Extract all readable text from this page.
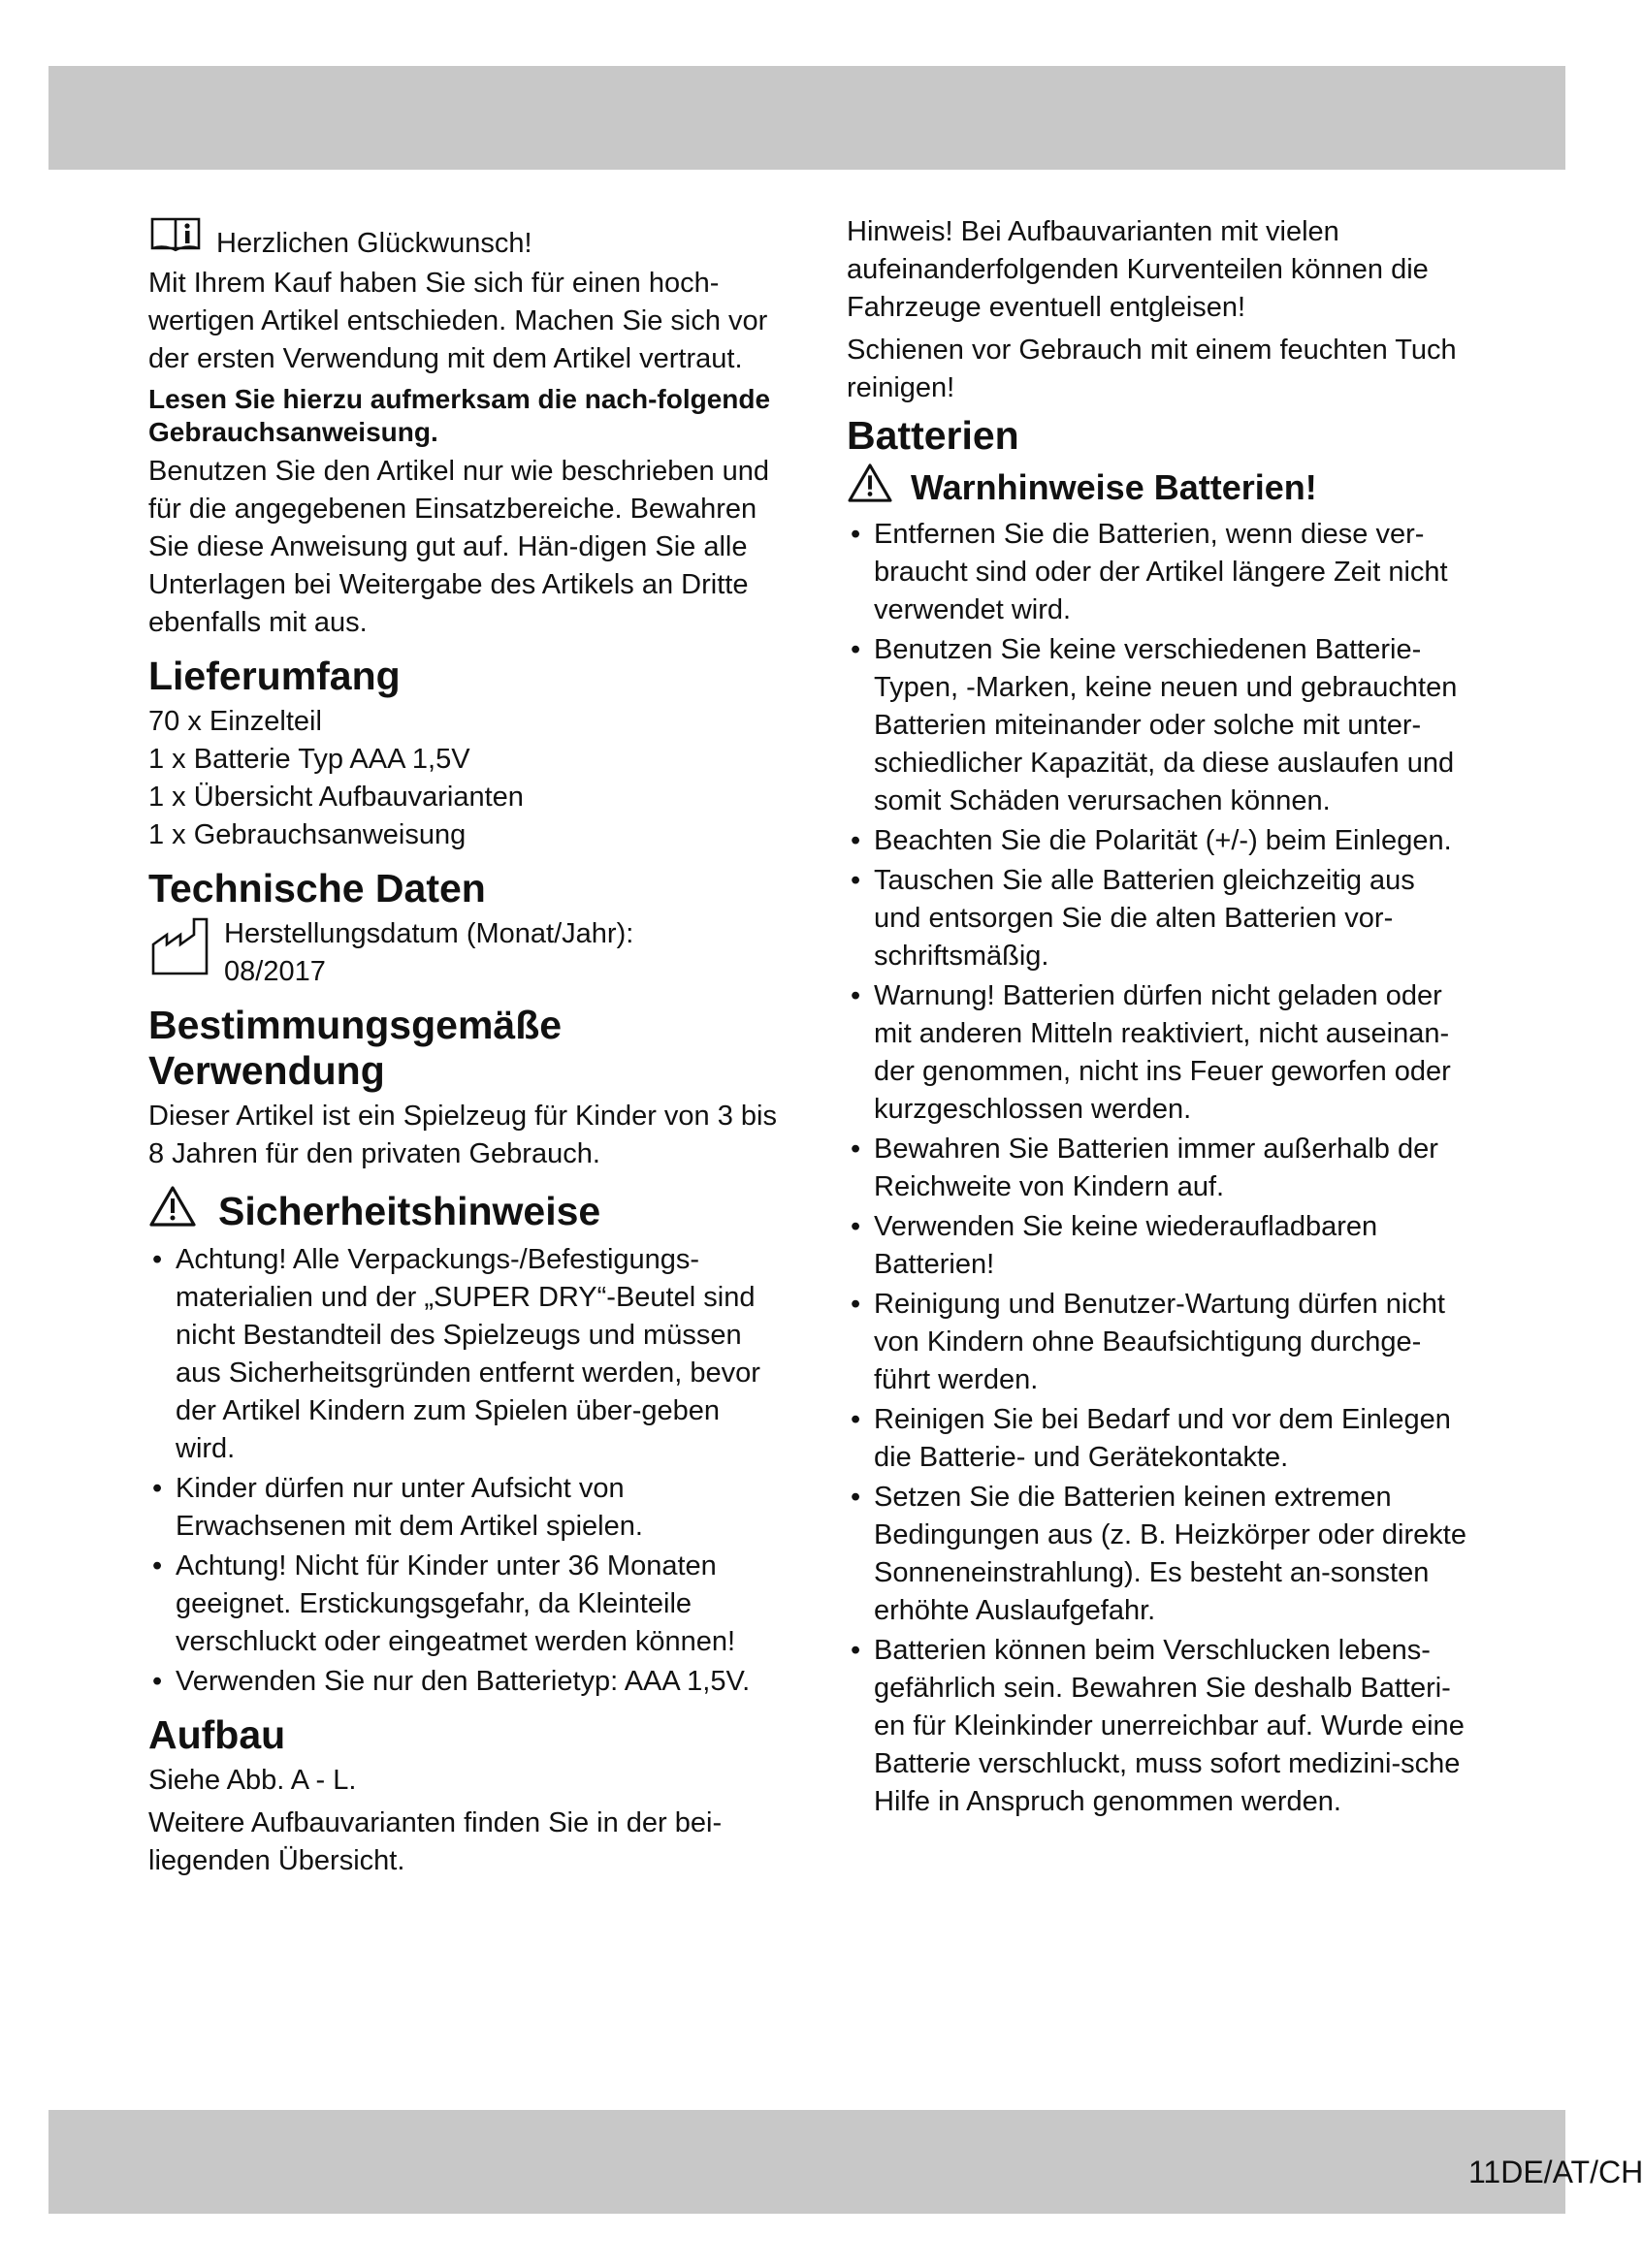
Herzlichen Glückwunsch!

Mit Ihrem Kauf haben Sie sich für einen hoch-wertigen Artikel entschieden. Machen Sie sich vor der ersten Verwendung mit dem Artikel vertraut.

Lesen Sie hierzu aufmerksam die nach-folgende Gebrauchsanweisung.

Benutzen Sie den Artikel nur wie beschrieben und für die angegebenen Einsatzbereiche. Bewahren Sie diese Anweisung gut auf. Hän-digen Sie alle Unterlagen bei Weitergabe des Artikels an Dritte ebenfalls mit aus.

Lieferumfang
70 x Einzelteil
1 x Batterie Typ AAA 1,5V
1 x Übersicht Aufbauvarianten
1 x Gebrauchsanweisung
Technische Daten
Herstellungsdatum (Monat/Jahr):
08/2017
Bestimmungsgemäße Verwendung

Dieser Artikel ist ein Spielzeug für Kinder von 3 bis 8 Jahren für den privaten Gebrauch.

Sicherheitshinweise
• Achtung! Alle Verpackungs-/Befestigungs-materialien und der „SUPER DRY“-Beutel sind nicht Bestandteil des Spielzeugs und müssen aus Sicherheitsgründen entfernt werden, bevor der Artikel Kindern zum Spielen über-geben wird.
• Kinder dürfen nur unter Aufsicht von Erwachsenen mit dem Artikel spielen.
• Achtung! Nicht für Kinder unter 36 Monaten geeignet. Erstickungsgefahr, da Kleinteile verschluckt oder eingeatmet werden können!
• Verwenden Sie nur den Batterietyp: AAA 1,5V.
Aufbau

Siehe Abb. A - L.

Weitere Aufbauvarianten finden Sie in der bei-liegenden Übersicht.

Hinweis! Bei Aufbauvarianten mit vielen aufeinanderfolgenden Kurventeilen können die Fahrzeuge eventuell entgleisen!

Schienen vor Gebrauch mit einem feuchten Tuch reinigen!

Batterien
Warnhinweise Batterien!
• Entfernen Sie die Batterien, wenn diese ver-braucht sind oder der Artikel längere Zeit nicht verwendet wird.
• Benutzen Sie keine verschiedenen Batterie-Typen, -Marken, keine neuen und gebrauchten Batterien miteinander oder solche mit unter-schiedlicher Kapazität, da diese auslaufen und somit Schäden verursachen können.
• Beachten Sie die Polarität (+/-) beim Einlegen.
• Tauschen Sie alle Batterien gleichzeitig aus und entsorgen Sie die alten Batterien vor-schriftsmäßig.
• Warnung! Batterien dürfen nicht geladen oder mit anderen Mitteln reaktiviert, nicht auseinan-der genommen, nicht ins Feuer geworfen oder kurzgeschlossen werden.
• Bewahren Sie Batterien immer außerhalb der Reichweite von Kindern auf.
• Verwenden Sie keine wiederaufladbaren Batterien!
• Reinigung und Benutzer-Wartung dürfen nicht von Kindern ohne Beaufsichtigung durchge-führt werden.
• Reinigen Sie bei Bedarf und vor dem Einlegen die Batterie- und Gerätekontakte.
• Setzen Sie die Batterien keinen extremen Bedingungen aus (z. B. Heizkörper oder direkte Sonneneinstrahlung). Es besteht an-sonsten erhöhte Auslaufgefahr.
• Batterien können beim Verschlucken lebens-gefährlich sein. Bewahren Sie deshalb Batteri-en für Kleinkinder unerreichbar auf. Wurde eine Batterie verschluckt, muss sofort medizini-sche Hilfe in Anspruch genommen werden.
11DE/AT/CH
